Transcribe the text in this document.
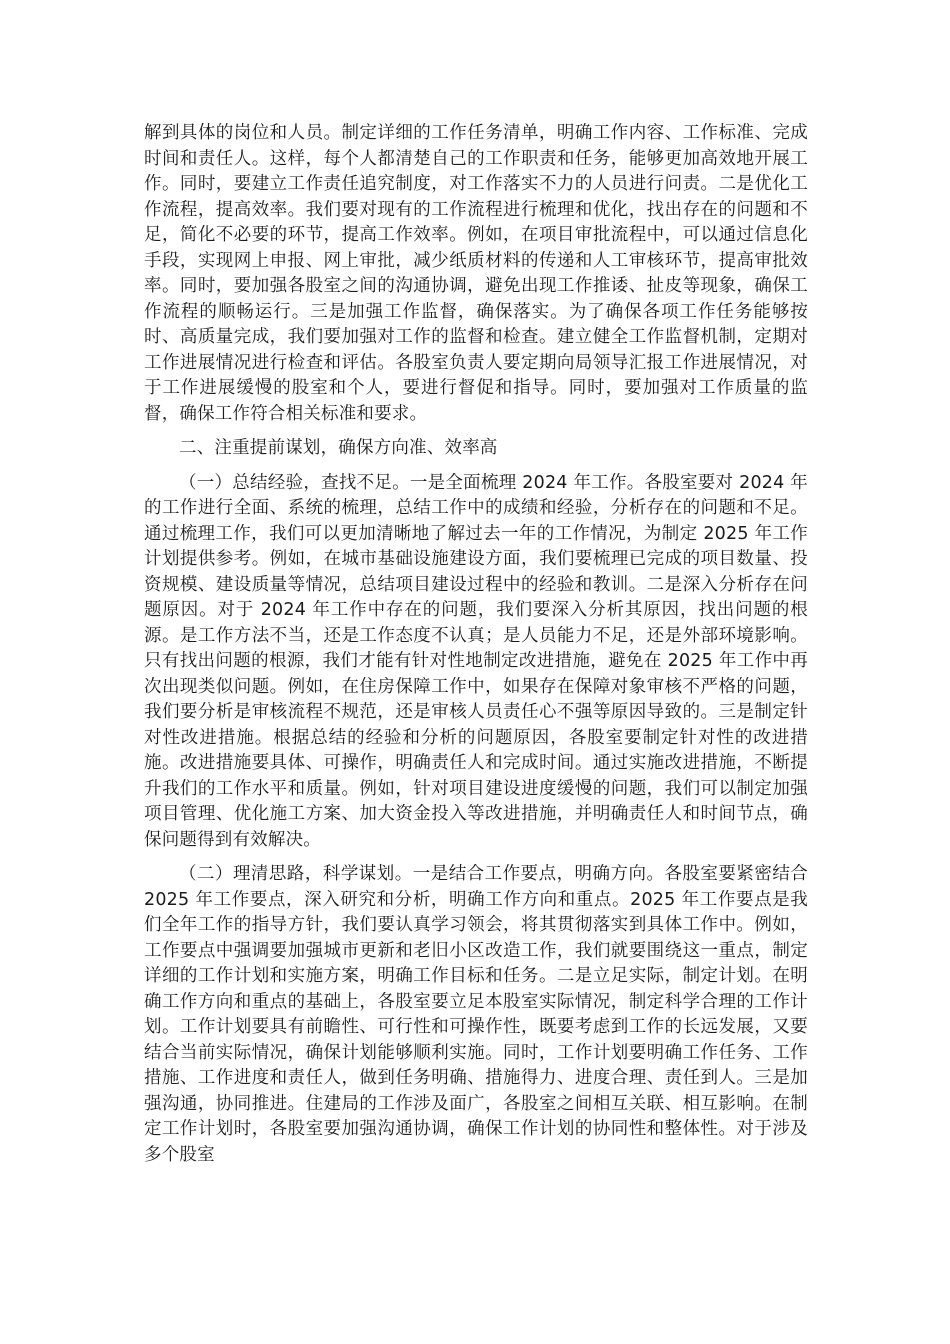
解到具体的岗位和人员。制定详细的工作任务清单，明确工作内容、工作标准、完成时间和责任人。这样，每个人都清楚自己的工作职责和任务，能够更加高效地开展工作。同时，要建立工作责任追究制度，对工作落实不力的人员进行问责。二是优化工作流程，提高效率。我们要对现有的工作流程进行梳理和优化，找出存在的问题和不足，简化不必要的环节，提高工作效率。例如，在项目审批流程中，可以通过信息化手段，实现网上申报、网上审批，减少纸质材料的传递和人工审核环节，提高审批效率。同时，要加强各股室之间的沟通协调，避免出现工作推诿、扯皮等现象，确保工作流程的顺畅运行。三是加强工作监督，确保落实。为了确保各项工作任务能够按时、高质量完成，我们要加强对工作的监督和检查。建立健全工作监督机制，定期对工作进展情况进行检查和评估。各股室负责人要定期向局领导汇报工作进展情况，对于工作进展缓慢的股室和个人，要进行督促和指导。同时，要加强对工作质量的监督，确保工作符合相关标准和要求。

二、注重提前谋划，确保方向准、效率高

（一）总结经验，查找不足。一是全面梳理 2024 年工作。各股室要对 2024 年的工作进行全面、系统的梳理，总结工作中的成绩和经验，分析存在的问题和不足。通过梳理工作，我们可以更加清晰地了解过去一年的工作情况，为制定 2025 年工作计划提供参考。例如，在城市基础设施建设方面，我们要梳理已完成的项目数量、投资规模、建设质量等情况，总结项目建设过程中的经验和教训。二是深入分析存在问题原因。对于 2024 年工作中存在的问题，我们要深入分析其原因，找出问题的根源。是工作方法不当，还是工作态度不认真；是人员能力不足，还是外部环境影响。只有找出问题的根源，我们才能有针对性地制定改进措施，避免在 2025 年工作中再次出现类似问题。例如，在住房保障工作中，如果存在保障对象审核不严格的问题，我们要分析是审核流程不规范，还是审核人员责任心不强等原因导致的。三是制定针对性改进措施。根据总结的经验和分析的问题原因，各股室要制定针对性的改进措施。改进措施要具体、可操作，明确责任人和完成时间。通过实施改进措施，不断提升我们的工作水平和质量。例如，针对项目建设进度缓慢的问题，我们可以制定加强项目管理、优化施工方案、加大资金投入等改进措施，并明确责任人和时间节点，确保问题得到有效解决。

（二）理清思路，科学谋划。一是结合工作要点，明确方向。各股室要紧密结合 2025 年工作要点，深入研究和分析，明确工作方向和重点。2025 年工作要点是我们全年工作的指导方针，我们要认真学习领会，将其贯彻落实到具体工作中。例如，工作要点中强调要加强城市更新和老旧小区改造工作，我们就要围绕这一重点，制定详细的工作计划和实施方案，明确工作目标和任务。二是立足实际，制定计划。在明确工作方向和重点的基础上，各股室要立足本股室实际情况，制定科学合理的工作计划。工作计划要具有前瞻性、可行性和可操作性，既要考虑到工作的长远发展，又要结合当前实际情况，确保计划能够顺利实施。同时，工作计划要明确工作任务、工作措施、工作进度和责任人，做到任务明确、措施得力、进度合理、责任到人。三是加强沟通，协同推进。住建局的工作涉及面广，各股室之间相互关联、相互影响。在制定工作计划时，各股室要加强沟通协调，确保工作计划的协同性和整体性。对于涉及多个股室
